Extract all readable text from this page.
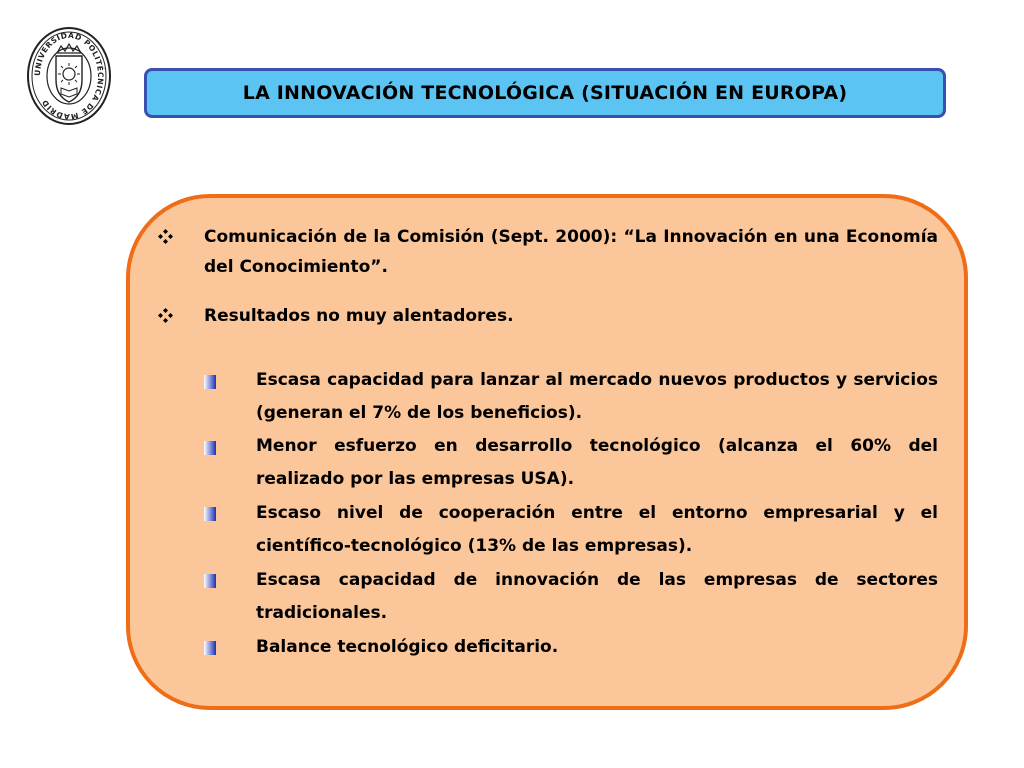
UNIVERSIDAD POLITÉCNICA DE MADRID	LA INNOVACIÓN TECNOLÓGICA (SITUACIÓN EN EUROPA)

Comunicación de la Comisión (Sept. 2000): “La Innovación en una Economía del Conocimiento”.

Resultados no muy alentadores.

Escasa capacidad para lanzar al mercado nuevos productos y servicios (generan el 7% de los beneficios).

Menor esfuerzo en desarrollo tecnológico (alcanza el 60% del realizado por las empresas USA).

Escaso nivel de cooperación entre el entorno empresarial y el científico-tecnológico (13% de las empresas).

Escasa capacidad de innovación de las empresas de sectores tradicionales.

Balance tecnológico deficitario.
